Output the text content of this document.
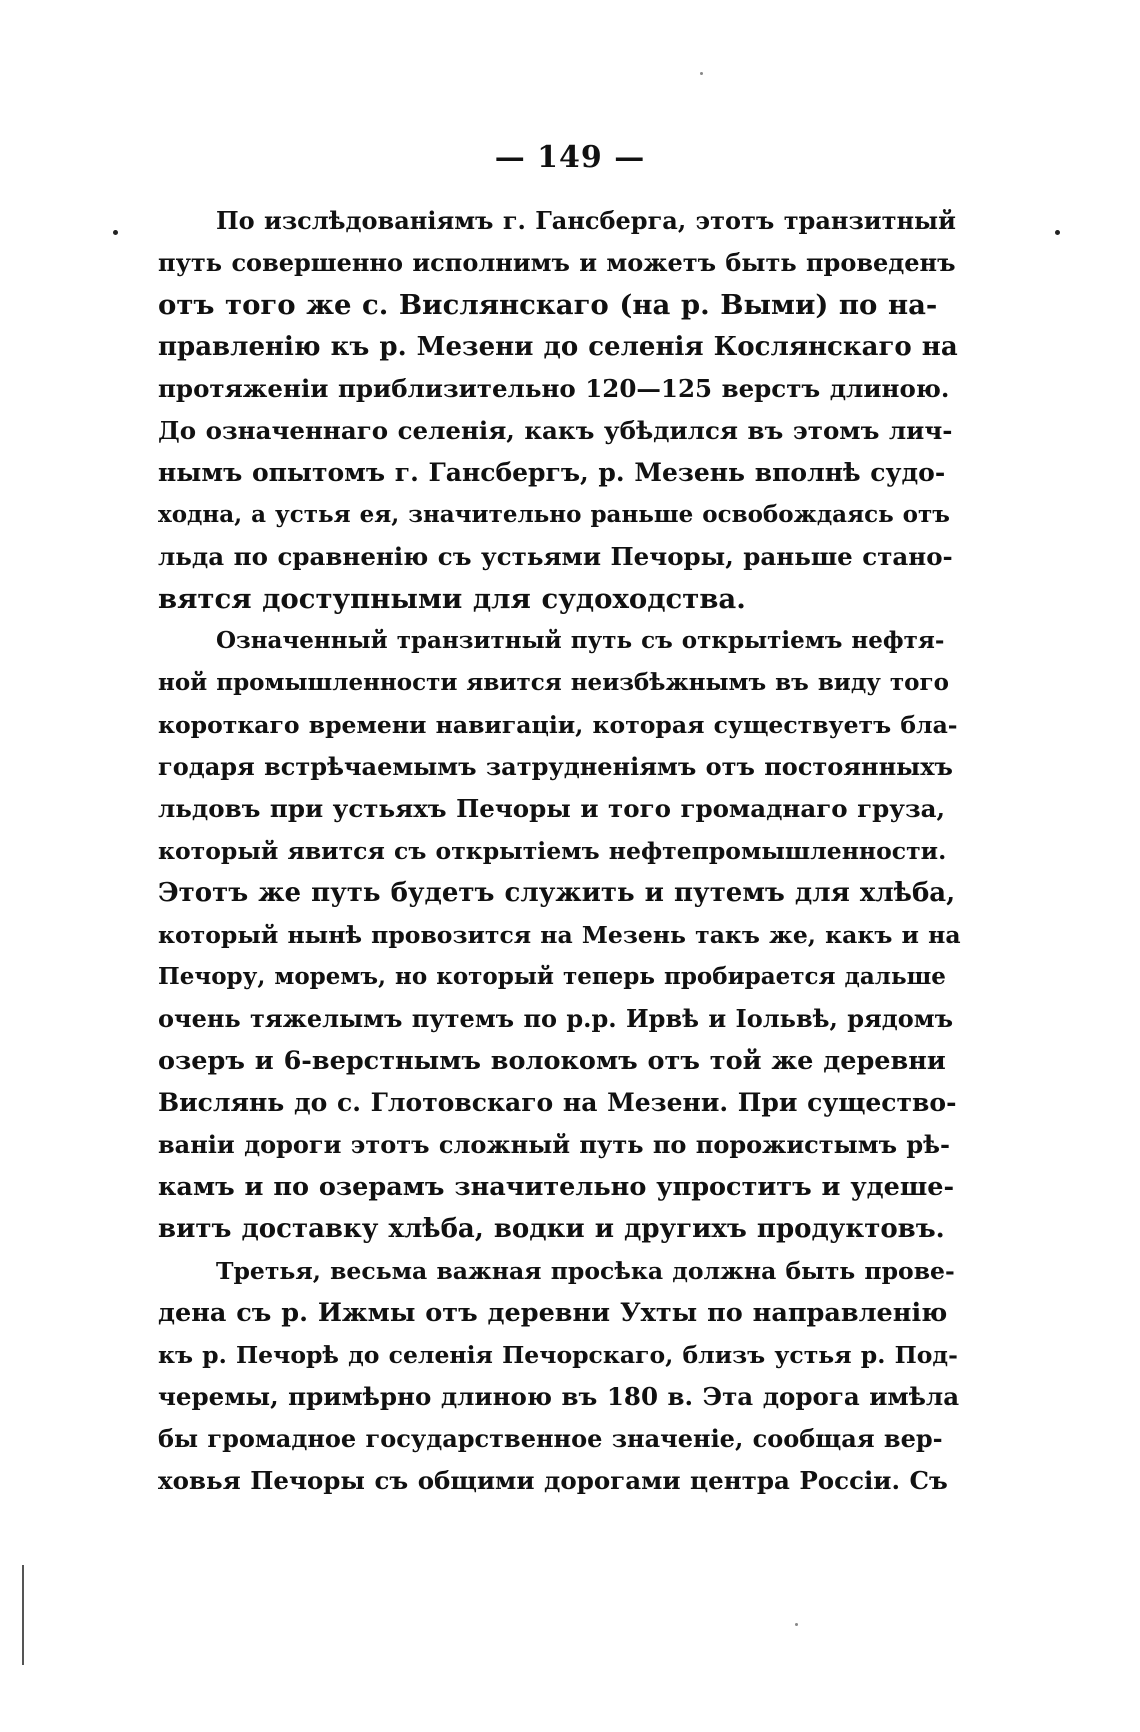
— 149 —
По изслѣдованіямъ г. Гансберга, этотъ транзитный
путь совершенно исполнимъ и можетъ быть проведенъ
отъ того же с. Вислянскаго (на р. Выми) по на-
правленію къ р. Мезени до селенія Кослянскаго на
протяженіи приблизительно 120—125 верстъ длиною.
До означеннаго селенія, какъ убѣдился въ этомъ лич-
нымъ опытомъ г. Гансбергъ, р. Мезень вполнѣ судо-
ходна, а устья ея, значительно раньше освобождаясь отъ
льда по сравненію съ устьями Печоры, раньше стано-
вятся доступными для судоходства.
Означенный транзитный путь съ открытіемъ нефтя-
ной промышленности явится неизбѣжнымъ въ виду того
короткаго времени навигаціи, которая существуетъ бла-
годаря встрѣчаемымъ затрудненіямъ отъ постоянныхъ
льдовъ при устьяхъ Печоры и того громаднаго груза,
который явится съ открытіемъ нефтепромышленности.
Этотъ же путь будетъ служить и путемъ для хлѣба,
который нынѣ провозится на Мезень такъ же, какъ и на
Печору, моремъ, но который теперь пробирается дальше
очень тяжелымъ путемъ по р.р. Ирвѣ и Іольвѣ, рядомъ
озеръ и 6-верстнымъ волокомъ отъ той же деревни
Вислянь до с. Глотовскаго на Мезени. При существо-
ваніи дороги этотъ сложный путь по порожистымъ рѣ-
камъ и по озерамъ значительно упроститъ и удеше-
витъ доставку хлѣба, водки и другихъ продуктовъ.
Третья, весьма важная просѣка должна быть прове-
дена съ р. Ижмы отъ деревни Ухты по направленію
къ р. Печорѣ до селенія Печорскаго, близъ устья р. Под-
черемы, примѣрно длиною въ 180 в. Эта дорога имѣла
бы громадное государственное значеніе, сообщая вер-
ховья Печоры съ общими дорогами центра Россіи. Съ
